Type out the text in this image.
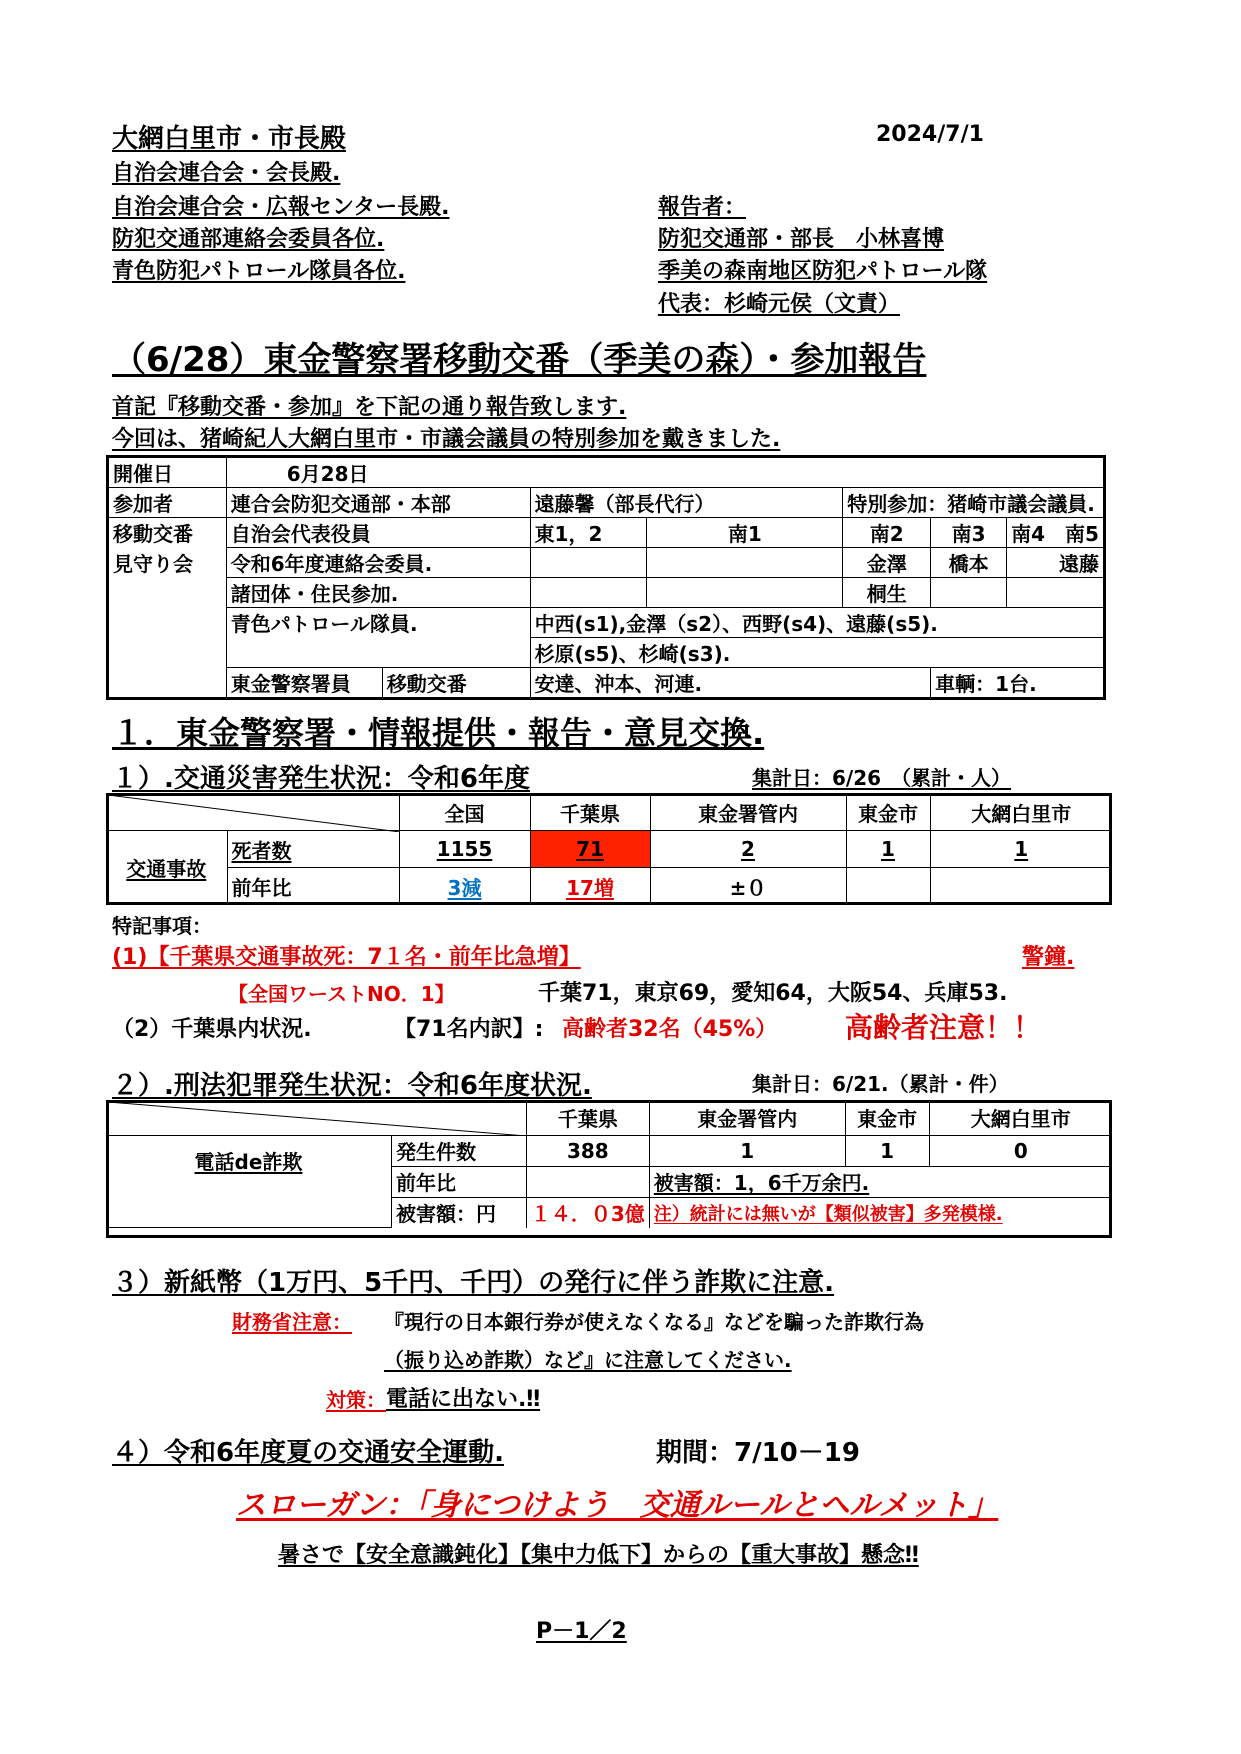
大網白里市・市長殿	2024/7/1
自治会連合会・会長殿.
自治会連合会・広報センター長殿.
防犯交通部連絡会委員各位.
青色防犯パトロール隊員各位.
報告者：
防犯交通部・部長　小林喜博
季美の森南地区防犯パトロール隊
代表：杉崎元侯（文責）
（6/28）東金警察署移動交番（季美の森）・参加報告
首記『移動交番・参加』を下記の通り報告致します.
今回は、猪崎紀人大網白里市・市議会議員の特別参加を戴きました.
開催日	6月28日						
参加者	連合会防犯交通部・本部		遠藤馨（部長代行）		特別参加：猪崎市議会議員.		
移動交番	自治会代表役員		東1，2	南1	南2	南3	南4　 南5
見守り会	令和6年度連絡会委員.				金澤	橋本	遠藤
	諸団体・住民参加.				桐生		
	青色パトロール隊員.		中西(s1),金澤（s2）、西野(s4)、遠藤(s5).				
			杉原(s5)、杉崎(s3).				
	東金警察署員	移動交番	安達、沖本、河連.			車輌：1台.	
１．東金警察署・情報提供・報告・意見交換.
１）.交通災害発生状況：令和6年度	集計日：6/26　（累計・人）
		全国	千葉県	東金署管内	東金市	大網白里市
交通事故	死者数	1155	71	2	1	1
	前年比	3減	17増	±０		
特記事項：
(1)【千葉県交通事故死：7１名・前年比急増】	警鐘.
【全国ワーストNO．1】	千葉71，東京69，愛知64，大阪54、兵庫53.
（2）千葉県内状況.	【71名内訳】: 高齢者32名（45%） 高齢者注意！！
２）.刑法犯罪発生状況：令和6年度状況.	集計日：6/21.（累計・件）
		千葉県	東金署管内	東金市	大網白里市
電話de詐欺	発生件数	388	1	1	0
	前年比		被害額：1，6千万余円.		
	被害額：円	１４．０3億	注）統計には無いが【類似被害】多発模様.		
３）新紙幣（1万円、5千円、千円）の発行に伴う詐欺に注意.
財務省注意： 『現行の日本銀行券が使えなくなる』などを騙った詐欺行為
（振り込め詐欺）など』に注意してください.
対策： 電話に出ない.‼
４）令和6年度夏の交通安全運動.	期間：7/10－19
スローガン：「身につけよう　交通ルールとヘルメット」
暑さで【安全意識鈍化】【集中力低下】からの【重大事故】懸念‼
P－1／2
